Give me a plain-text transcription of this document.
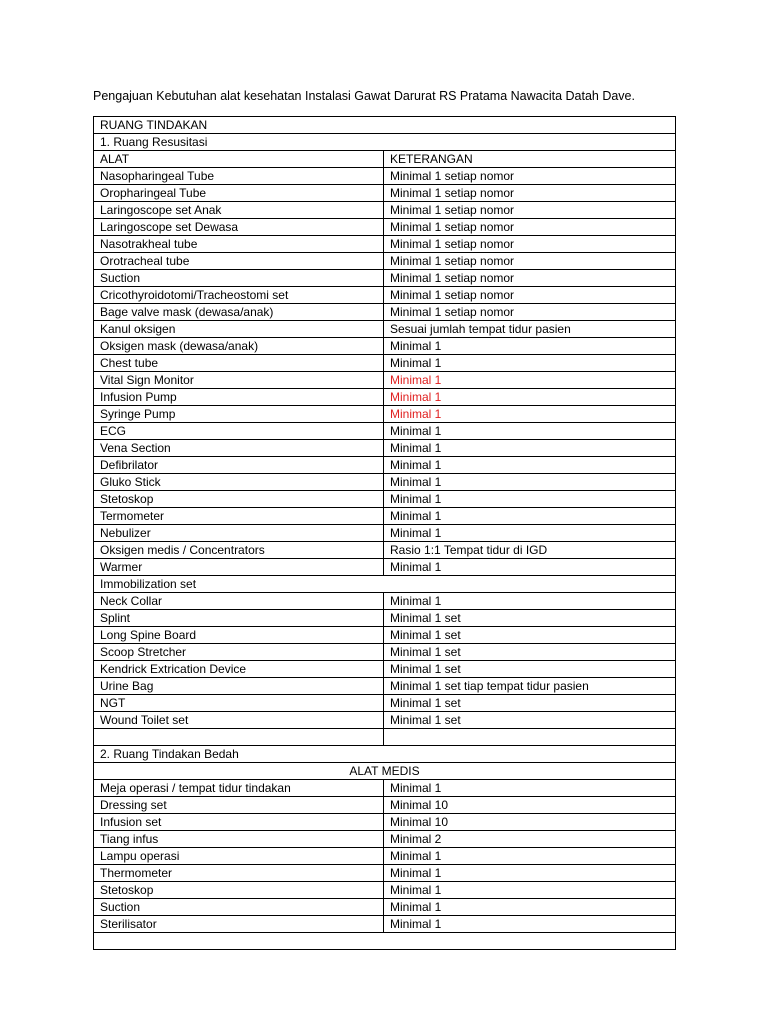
Pengajuan Kebutuhan alat kesehatan Instalasi Gawat Darurat RS Pratama Nawacita Datah Dave.
RUANG TINDAKAN	
1. Ruang Resusitasi	
ALAT	KETERANGAN
Nasopharingeal Tube	Minimal 1 setiap nomor
Oropharingeal Tube	Minimal 1 setiap nomor
Laringoscope set Anak	Minimal 1 setiap nomor
Laringoscope set Dewasa	Minimal 1 setiap nomor
Nasotrakheal tube	Minimal 1 setiap nomor
Orotracheal tube	Minimal 1 setiap nomor
Suction	Minimal 1 setiap nomor
Cricothyroidotomi/Tracheostomi set	Minimal 1 setiap nomor
Bage valve mask (dewasa/anak)	Minimal 1 setiap nomor
Kanul oksigen	Sesuai jumlah tempat tidur pasien
Oksigen mask (dewasa/anak)	Minimal 1
Chest tube	Minimal 1
Vital Sign Monitor	Minimal 1
Infusion Pump	Minimal 1
Syringe Pump	Minimal 1
ECG	Minimal 1
Vena Section	Minimal 1
Defibrilator	Minimal 1
Gluko Stick	Minimal 1
Stetoskop	Minimal 1
Termometer	Minimal 1
Nebulizer	Minimal 1
Oksigen medis / Concentrators	Rasio 1:1 Tempat tidur di IGD
Warmer	Minimal 1
Immobilization set	
Neck Collar	Minimal 1
Splint	Minimal 1 set
Long Spine Board	Minimal 1 set
Scoop Stretcher	Minimal 1 set
Kendrick Extrication Device	Minimal 1 set
Urine Bag	Minimal 1 set tiap tempat tidur pasien
NGT	Minimal 1 set
Wound Toilet set	Minimal 1 set

2. Ruang Tindakan Bedah	
ALAT MEDIS	
Meja operasi / tempat tidur tindakan	Minimal 1
Dressing set	Minimal 10
Infusion set	Minimal 10
Tiang infus	Minimal 2
Lampu operasi	Minimal 1
Thermometer	Minimal 1
Stetoskop	Minimal 1
Suction	Minimal 1
Sterilisator	Minimal 1
